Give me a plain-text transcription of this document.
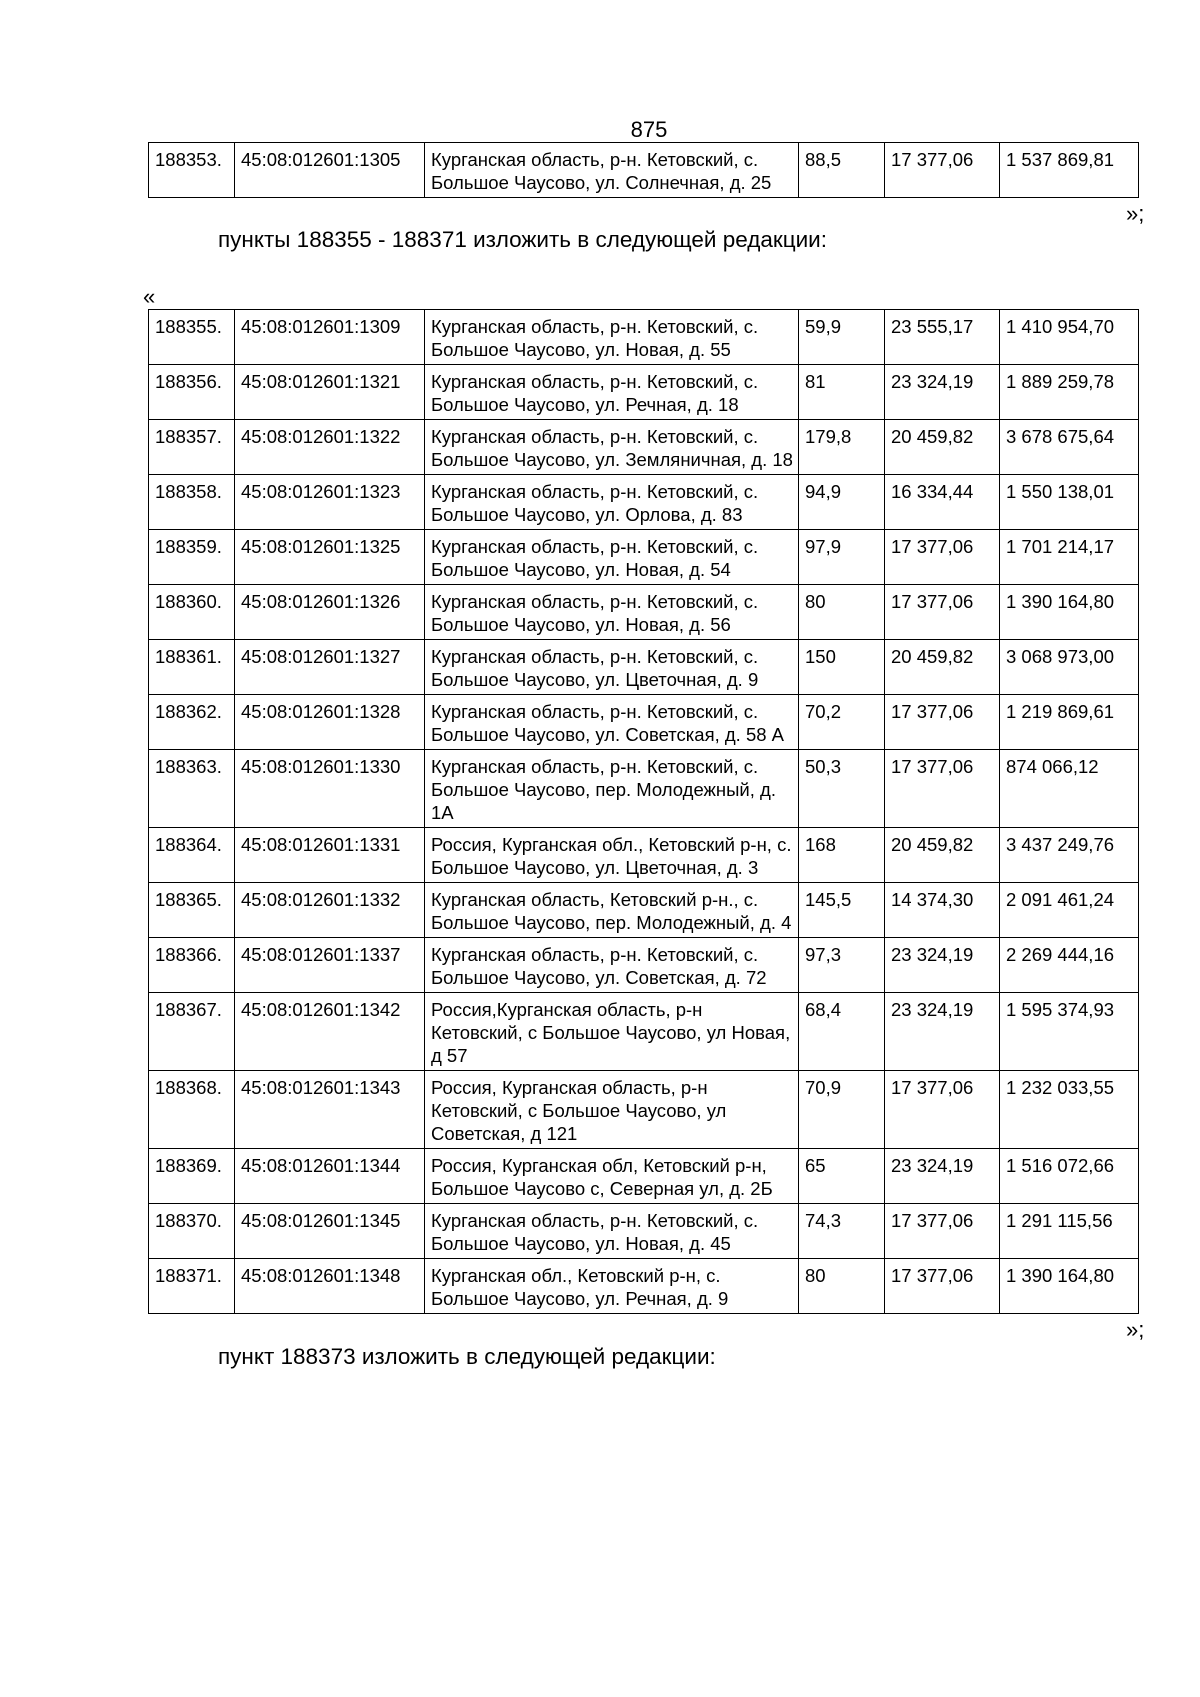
875
188353.	45:08:012601:1305	Курганская область, р-н. Кетовский, с. Большое Чаусово, ул. Солнечная, д. 25	88,5	17 377,06	1 537 869,81
»;
пункты 188355 - 188371 изложить в следующей редакции:
«
188355.	45:08:012601:1309	Курганская область, р-н. Кетовский, с. Большое Чаусово, ул. Новая, д. 55	59,9	23 555,17	1 410 954,70
188356.	45:08:012601:1321	Курганская область, р-н. Кетовский, с. Большое Чаусово, ул. Речная, д. 18	81	23 324,19	1 889 259,78
188357.	45:08:012601:1322	Курганская область, р-н. Кетовский, с. Большое Чаусово, ул. Земляничная, д. 18	179,8	20 459,82	3 678 675,64
188358.	45:08:012601:1323	Курганская область, р-н. Кетовский, с. Большое Чаусово, ул. Орлова, д. 83	94,9	16 334,44	1 550 138,01
188359.	45:08:012601:1325	Курганская область, р-н. Кетовский, с. Большое Чаусово, ул. Новая, д. 54	97,9	17 377,06	1 701 214,17
188360.	45:08:012601:1326	Курганская область, р-н. Кетовский, с. Большое Чаусово, ул. Новая, д. 56	80	17 377,06	1 390 164,80
188361.	45:08:012601:1327	Курганская область, р-н. Кетовский, с. Большое Чаусово, ул. Цветочная, д. 9	150	20 459,82	3 068 973,00
188362.	45:08:012601:1328	Курганская область, р-н. Кетовский, с. Большое Чаусово, ул. Советская, д. 58 А	70,2	17 377,06	1 219 869,61
188363.	45:08:012601:1330	Курганская область, р-н. Кетовский, с. Большое Чаусово, пер. Молодежный, д. 1А	50,3	17 377,06	874 066,12
188364.	45:08:012601:1331	Россия, Курганская обл., Кетовский р-н, с. Большое Чаусово, ул. Цветочная, д. 3	168	20 459,82	3 437 249,76
188365.	45:08:012601:1332	Курганская область, Кетовский р-н., с. Большое Чаусово, пер. Молодежный, д. 4	145,5	14 374,30	2 091 461,24
188366.	45:08:012601:1337	Курганская область, р-н. Кетовский, с. Большое Чаусово, ул. Советская, д. 72	97,3	23 324,19	2 269 444,16
188367.	45:08:012601:1342	Россия,Курганская область, р-н Кетовский, с Большое Чаусово, ул Новая, д 57	68,4	23 324,19	1 595 374,93
188368.	45:08:012601:1343	Россия, Курганская область, р-н Кетовский, с Большое Чаусово, ул Советская, д 121	70,9	17 377,06	1 232 033,55
188369.	45:08:012601:1344	Россия, Курганская обл, Кетовский р-н, Большое Чаусово с, Северная ул, д. 2Б	65	23 324,19	1 516 072,66
188370.	45:08:012601:1345	Курганская область, р-н. Кетовский, с. Большое Чаусово, ул. Новая, д. 45	74,3	17 377,06	1 291 115,56
188371.	45:08:012601:1348	Курганская обл., Кетовский р-н, с. Большое Чаусово, ул. Речная, д. 9	80	17 377,06	1 390 164,80
»;
пункт 188373 изложить в следующей редакции:
